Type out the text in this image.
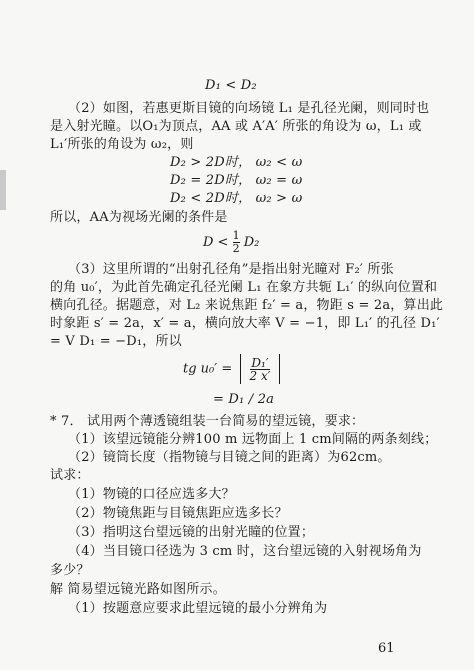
D₁ < D₂
（2）如图，若惠更斯目镜的向场镜 L₁ 是孔径光阑，则同时也
是入射光瞳。以O₁为顶点，AA 或 A′A′ 所张的角设为 ω，L₁ 或
L₁′所张的角设为 ω₂，则
D₂ > 2D时， ω₂ < ω
D₂ = 2D时， ω₂ = ω
D₂ < 2D时， ω₂ > ω
所以，AA为视场光阑的条件是
$D < \frac{1}{2} D_2$
（3）这里所谓的“出射孔径角”是指出射光瞳对 F₂′ 所张
的角 u₀′，为此首先确定孔径光阑 L₁ 在象方共轭 L₁′ 的纵向位置和
横向孔径。据题意，对 L₂ 来说焦距 f₂′ = a，物距 s = 2a，算出此
时象距 s′ = 2a，x′ = a，横向放大率 V = −1，即 L₁′ 的孔径 D₁′
= V D₁ = −D₁，所以
tg $u_0' = \frac{\text{D₁′}}{2 x'}$

= D₁ / 2a
* 7． 试用两个薄透镜组装一台简易的望远镜，要求：
（1）该望远镜能分辨100 m 远物面上 1 cm间隔的两条刻线；
（2）镜筒长度（指物镜与目镜之间的距离）为62cm。
试求：
（1）物镜的口径应选多大？
（2）物镜焦距与目镜焦距应选多长？
（3）指明这台望远镜的出射光瞳的位置；
（4）当目镜口径选为 3 cm 时，这台望远镜的入射视场角为
多少？
解 简易望远镜光路如图所示。
（1）按题意应要求此望远镜的最小分辨角为
61
